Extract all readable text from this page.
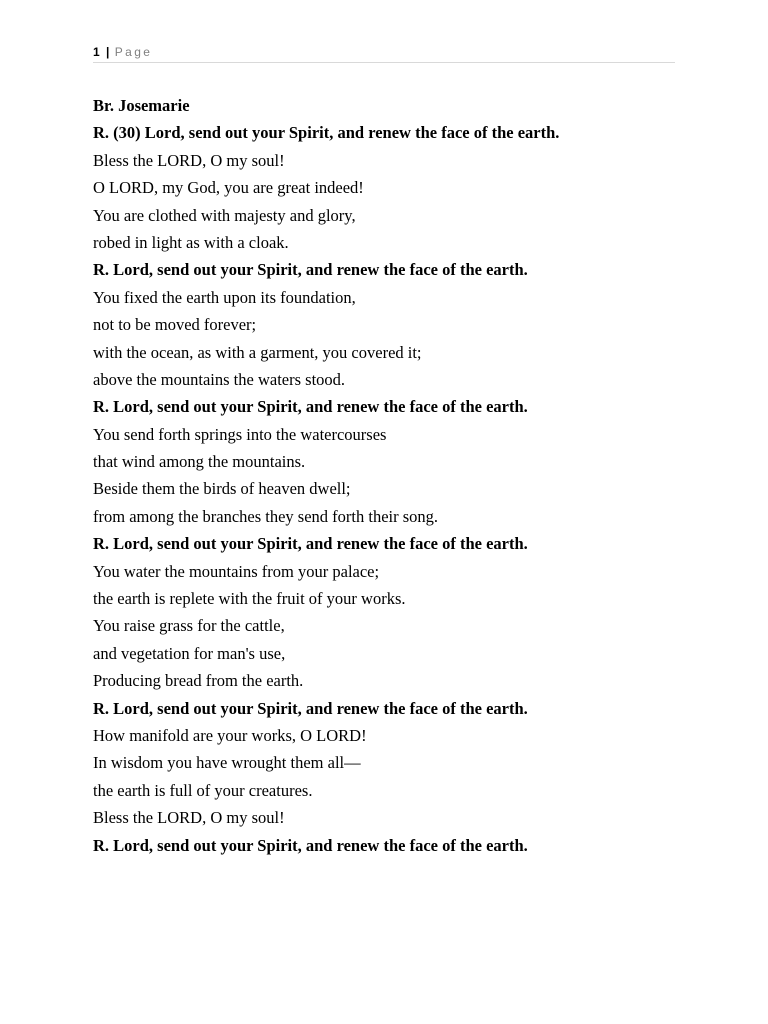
1 | Page
Br. Josemarie
R. (30) Lord, send out your Spirit, and renew the face of the earth.
Bless the LORD, O my soul!
O LORD, my God, you are great indeed!
You are clothed with majesty and glory,
robed in light as with a cloak.
R. Lord, send out your Spirit, and renew the face of the earth.
You fixed the earth upon its foundation,
not to be moved forever;
with the ocean, as with a garment, you covered it;
above the mountains the waters stood.
R. Lord, send out your Spirit, and renew the face of the earth.
You send forth springs into the watercourses
that wind among the mountains.
Beside them the birds of heaven dwell;
from among the branches they send forth their song.
R. Lord, send out your Spirit, and renew the face of the earth.
You water the mountains from your palace;
the earth is replete with the fruit of your works.
You raise grass for the cattle,
and vegetation for man's use,
Producing bread from the earth.
R. Lord, send out your Spirit, and renew the face of the earth.
How manifold are your works, O LORD!
In wisdom you have wrought them all—
the earth is full of your creatures.
Bless the LORD, O my soul!
R. Lord, send out your Spirit, and renew the face of the earth.
